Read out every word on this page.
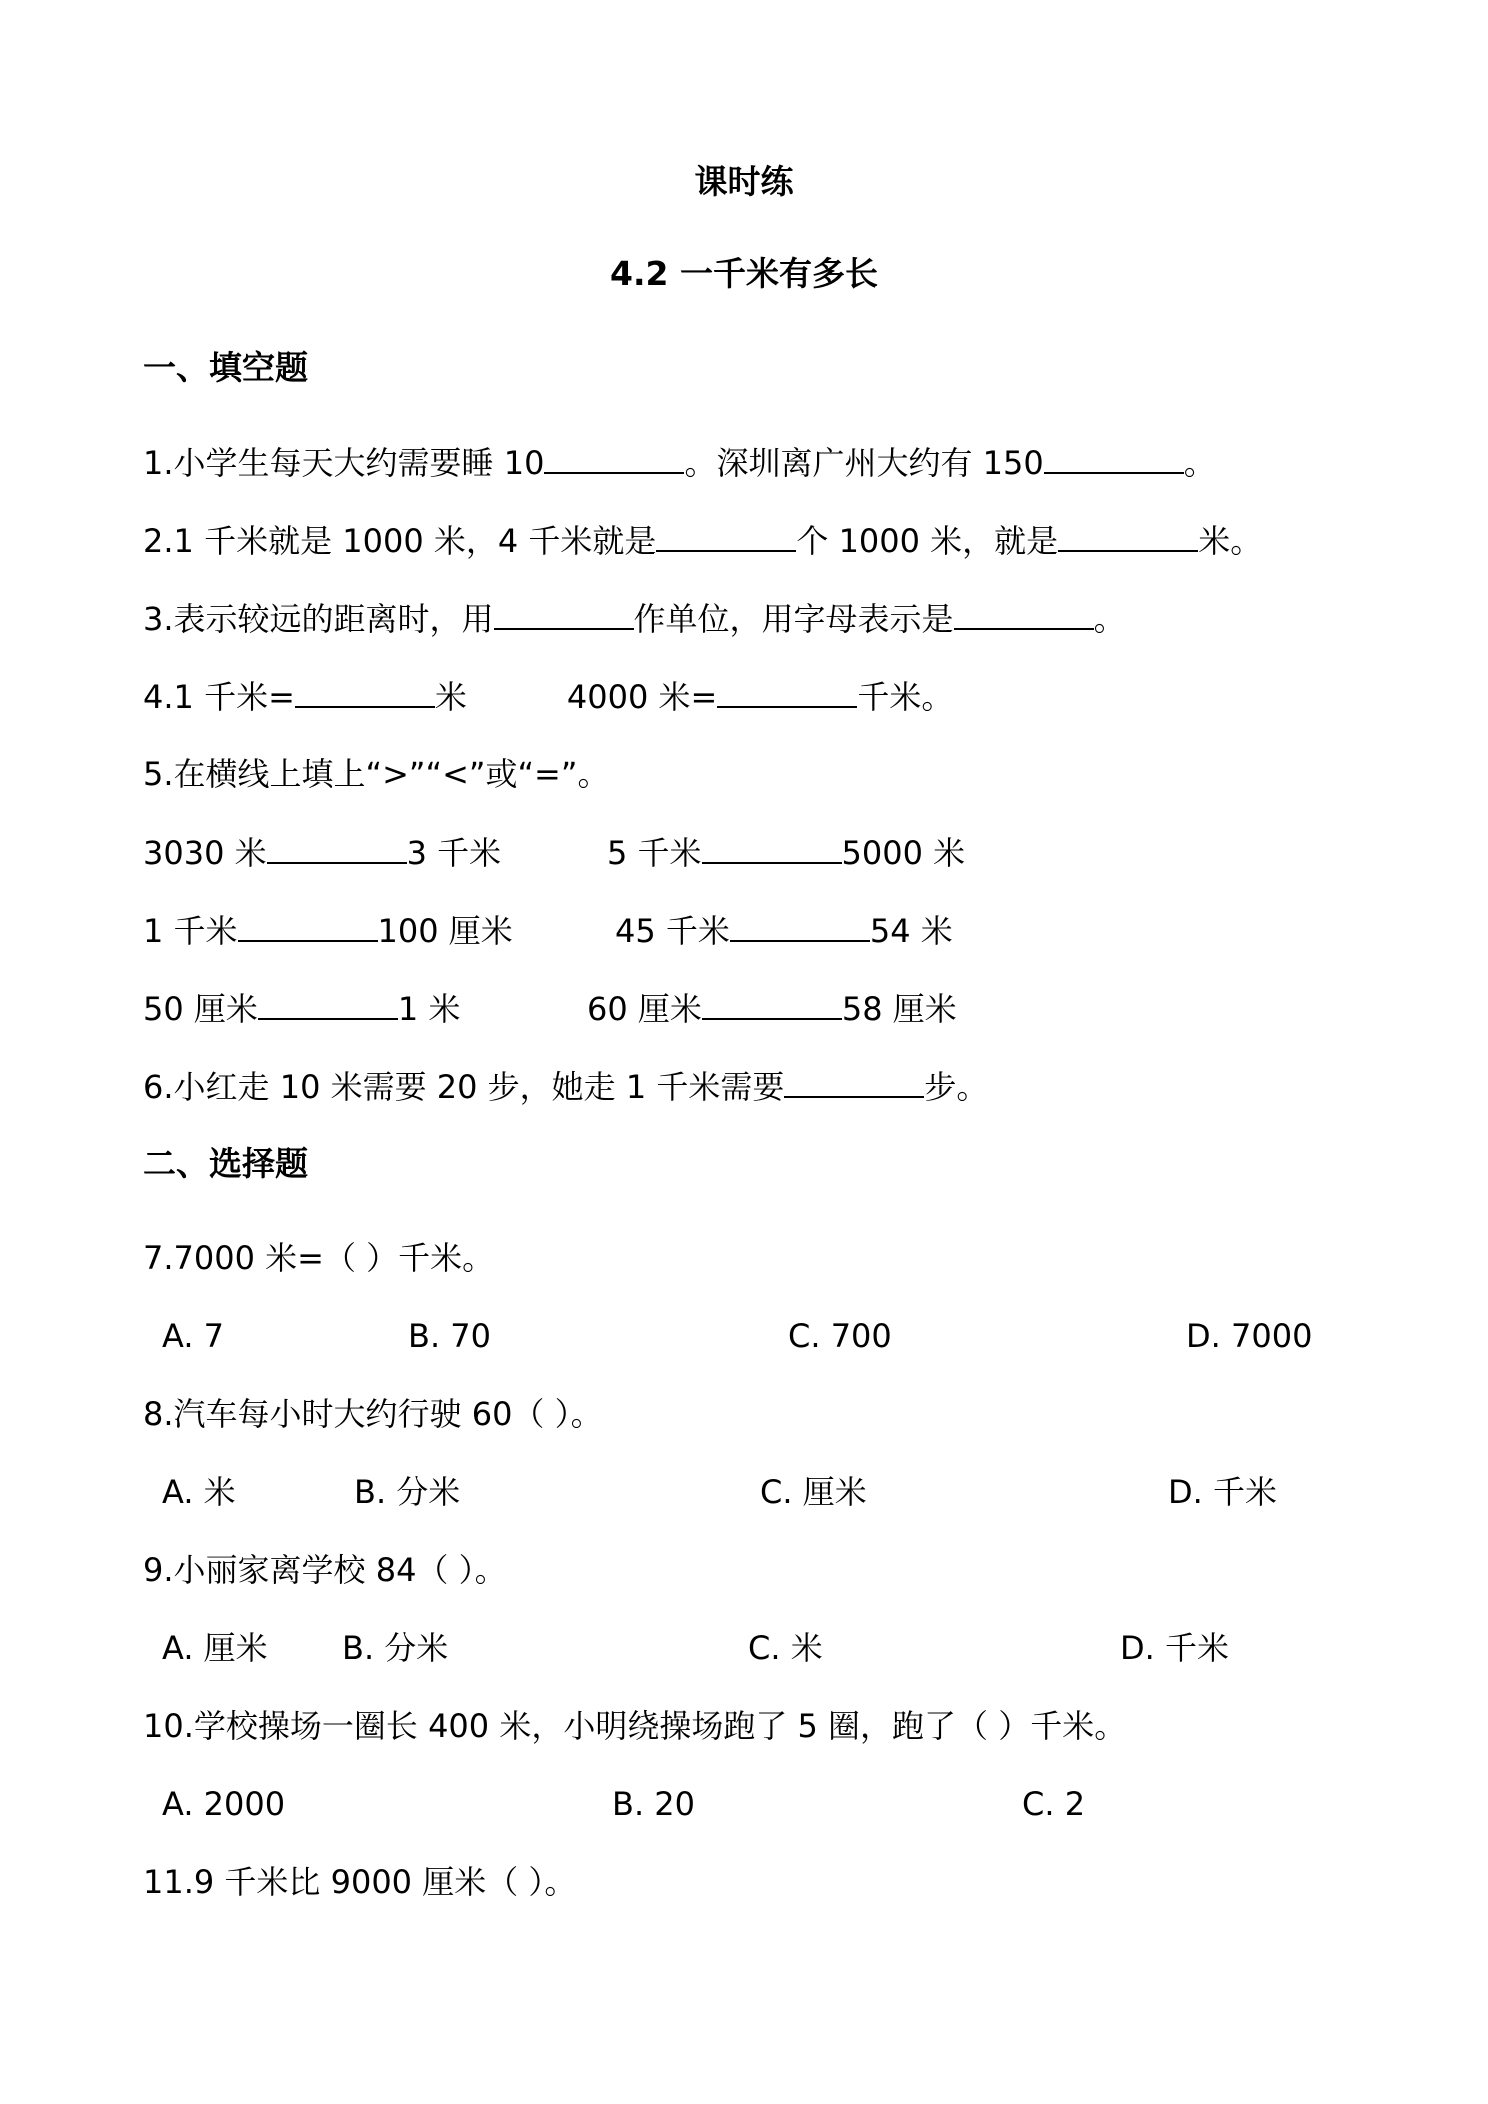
课时练
4.2 一千米有多长
一、填空题
1.小学生每天大约需要睡 10	。深圳离广州大约有 150	。
2.1 千米就是 1000 米，4 千米就是	个 1000 米，就是	米。
3.表示较远的距离时，用	作单位，用字母表示是	。
4.1 千米=	米	4000 米=	千米。
5.在横线上填上“>”“<”或“=”。
3030 米	3 千米	5 千米	5000 米
1 千米	100 厘米	45 千米	54 米
50 厘米	1 米	60 厘米	58 厘米
6.小红走 10 米需要 20 步，她走 1 千米需要	步。
二、选择题
7.7000 米=（ ）千米。
A. 7	B. 70	C. 700	D. 7000
8.汽车每小时大约行驶 60（ ）。
A. 米	B. 分米	C. 厘米	D. 千米
9.小丽家离学校 84（ ）。
A. 厘米 B. 分米	C. 米	D. 千米
10.学校操场一圈长 400 米，小明绕操场跑了 5 圈，跑了（ ）千米。
A. 2000	B. 20	C. 2
11.9 千米比 9000 厘米（ ）。
